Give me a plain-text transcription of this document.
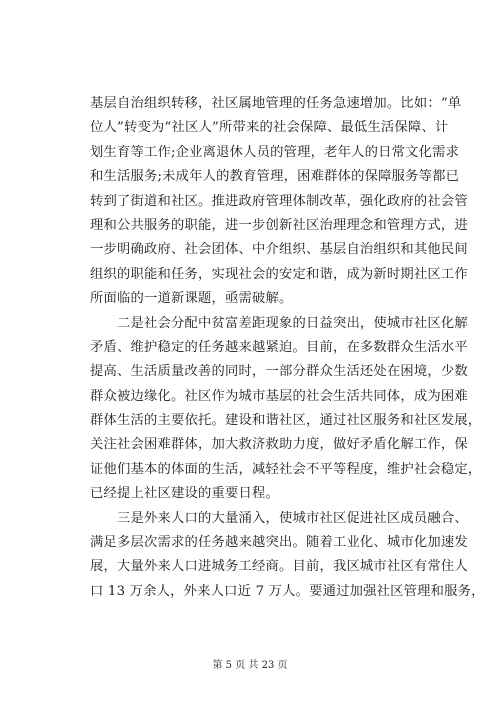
基层自治组织转移，社区属地管理的任务急速增加。比如：“单
位人”转变为“社区人”所带来的社会保障、最低生活保障、计
划生育等工作;企业离退休人员的管理，老年人的日常文化需求
和生活服务;未成年人的教育管理，困难群体的保障服务等都已
转到了街道和社区。推进政府管理体制改革，强化政府的社会管
理和公共服务的职能，进一步创新社区治理理念和管理方式，进
一步明确政府、社会团体、中介组织、基层自治组织和其他民间
组织的职能和任务，实现社会的安定和谐，成为新时期社区工作
所面临的一道新课题，亟需破解。
　　二是社会分配中贫富差距现象的日益突出，使城市社区化解
矛盾、维护稳定的任务越来越紧迫。目前，在多数群众生活水平
提高、生活质量改善的同时，一部分群众生活还处在困境，少数
群众被边缘化。社区作为城市基层的社会生活共同体，成为困难
群体生活的主要依托。建设和谐社区，通过社区服务和社区发展，
关注社会困难群体，加大救济救助力度，做好矛盾化解工作，保
证他们基本的体面的生活，减轻社会不平等程度，维护社会稳定，
已经提上社区建设的重要日程。
　　三是外来人口的大量涌入，使城市社区促进社区成员融合、
满足多层次需求的任务越来越突出。随着工业化、城市化加速发
展，大量外来人口进城务工经商。目前，我区城市社区有常住人
口 13 万余人，外来人口近 7 万人。要通过加强社区管理和服务，
第 5 页 共 23 页
